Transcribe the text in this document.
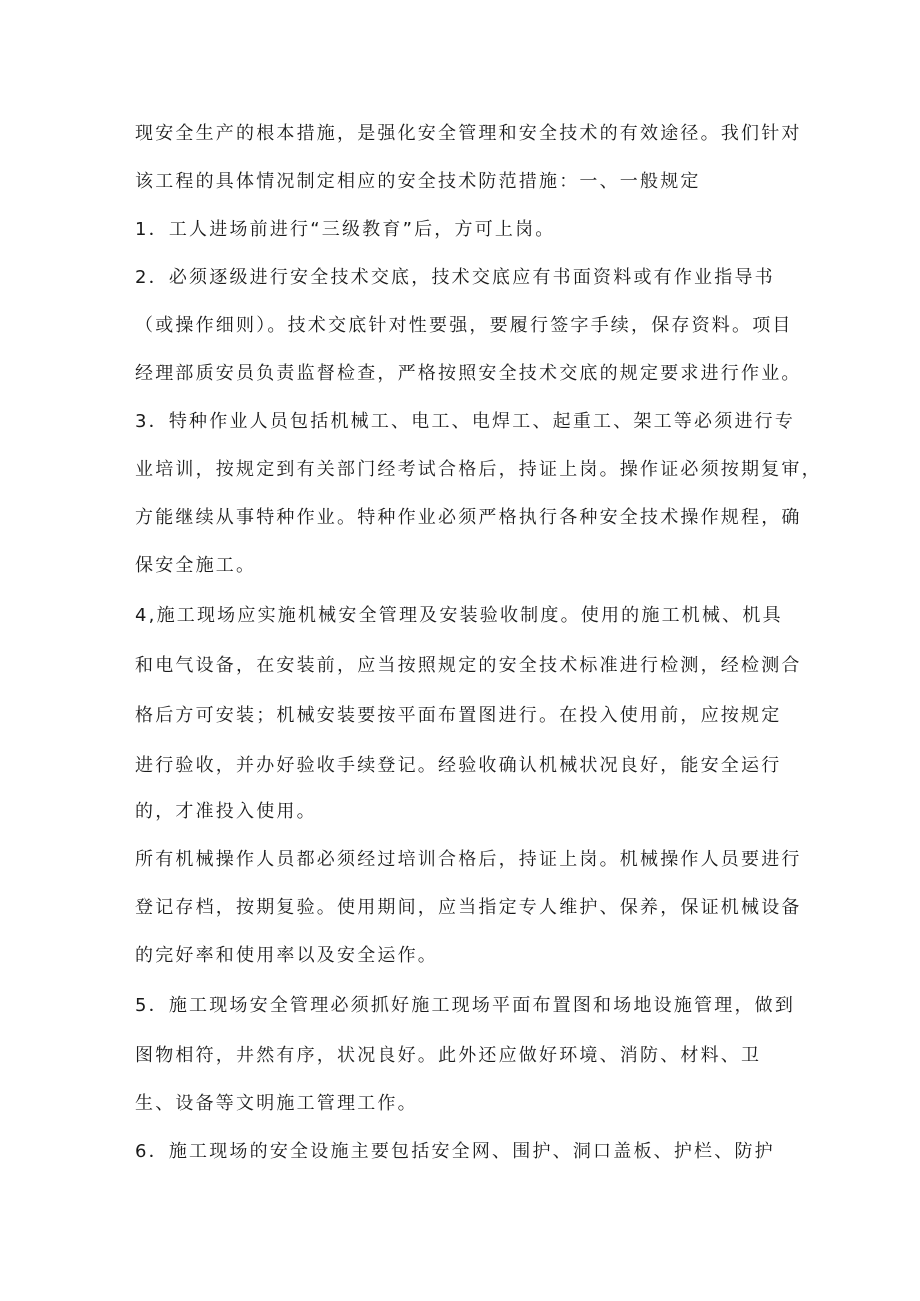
现安全生产的根本措施，是强化安全管理和安全技术的有效途径。我们针对
该工程的具体情况制定相应的安全技术防范措施：一、一般规定
1．工人进场前进行“三级教育”后，方可上岗。
2．必须逐级进行安全技术交底，技术交底应有书面资料或有作业指导书
（或操作细则）。技术交底针对性要强，要履行签字手续，保存资料。项目
经理部质安员负责监督检查，严格按照安全技术交底的规定要求进行作业。
3．特种作业人员包括机械工、电工、电焊工、起重工、架工等必须进行专
业培训，按规定到有关部门经考试合格后，持证上岗。操作证必须按期复审，
方能继续从事特种作业。特种作业必须严格执行各种安全技术操作规程，确
保安全施工。
4,施工现场应实施机械安全管理及安装验收制度。使用的施工机械、机具
和电气设备，在安装前，应当按照规定的安全技术标准进行检测，经检测合
格后方可安装；机械安装要按平面布置图进行。在投入使用前，应按规定
进行验收，并办好验收手续登记。经验收确认机械状况良好，能安全运行
的，才准投入使用。
所有机械操作人员都必须经过培训合格后，持证上岗。机械操作人员要进行
登记存档，按期复验。使用期间，应当指定专人维护、保养，保证机械设备
的完好率和使用率以及安全运作。
5．施工现场安全管理必须抓好施工现场平面布置图和场地设施管理，做到
图物相符，井然有序，状况良好。此外还应做好环境、消防、材料、卫
生、设备等文明施工管理工作。
6．施工现场的安全设施主要包括安全网、围护、洞口盖板、护栏、防护
